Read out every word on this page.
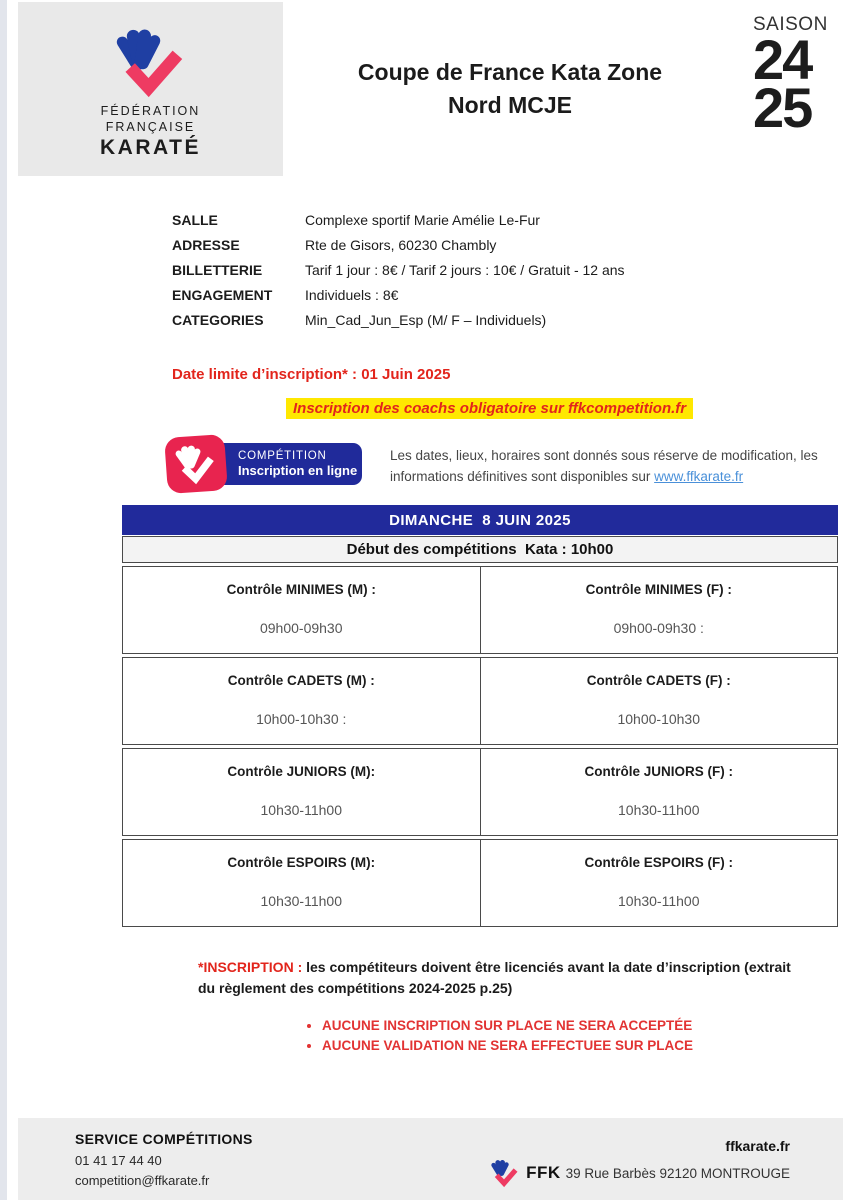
FÉDÉRATION
FRANÇAISE
KARATÉ
Coupe de France Kata Zone
Nord MCJE
SAISON
24
25
SALLE	Complexe sportif Marie Amélie Le-Fur
ADRESSE	Rte de Gisors, 60230 Chambly
BILLETTERIE	Tarif 1 jour : 8€ / Tarif 2 jours : 10€ / Gratuit - 12 ans
ENGAGEMENT	Individuels : 8€
CATEGORIES	Min_Cad_Jun_Esp (M/ F – Individuels)
Date limite d’inscription* : 01 Juin 2025
Inscription des coachs obligatoire sur ffkcompetition.fr
COMPÉTITION
Inscription en ligne
Les dates, lieux, horaires sont donnés sous réserve de modification, les informations définitives sont disponibles sur www.ffkarate.fr
DIMANCHE  8 JUIN 2025
Début des compétitions  Kata : 10h00
Contrôle MINIMES (M) :
09h00-09h30
Contrôle MINIMES (F) :
09h00-09h30 :
Contrôle CADETS (M) :
10h00-10h30 :
Contrôle CADETS (F) :
10h00-10h30
Contrôle JUNIORS (M):
10h30-11h00
Contrôle JUNIORS (F) :
10h30-11h00
Contrôle ESPOIRS (M):
10h30-11h00
Contrôle ESPOIRS (F) :
10h30-11h00
*INSCRIPTION : les compétiteurs doivent être licenciés avant la date d’inscription (extrait du règlement des compétitions 2024-2025 p.25)
• AUCUNE INSCRIPTION SUR PLACE NE SERA ACCEPTÉE
• AUCUNE VALIDATION NE SERA EFFECTUEE SUR PLACE
SERVICE COMPÉTITIONS
01 41 17 44 40
competition@ffkarate.fr
ffkarate.fr
FFK 39 Rue Barbès 92120 MONTROUGE
